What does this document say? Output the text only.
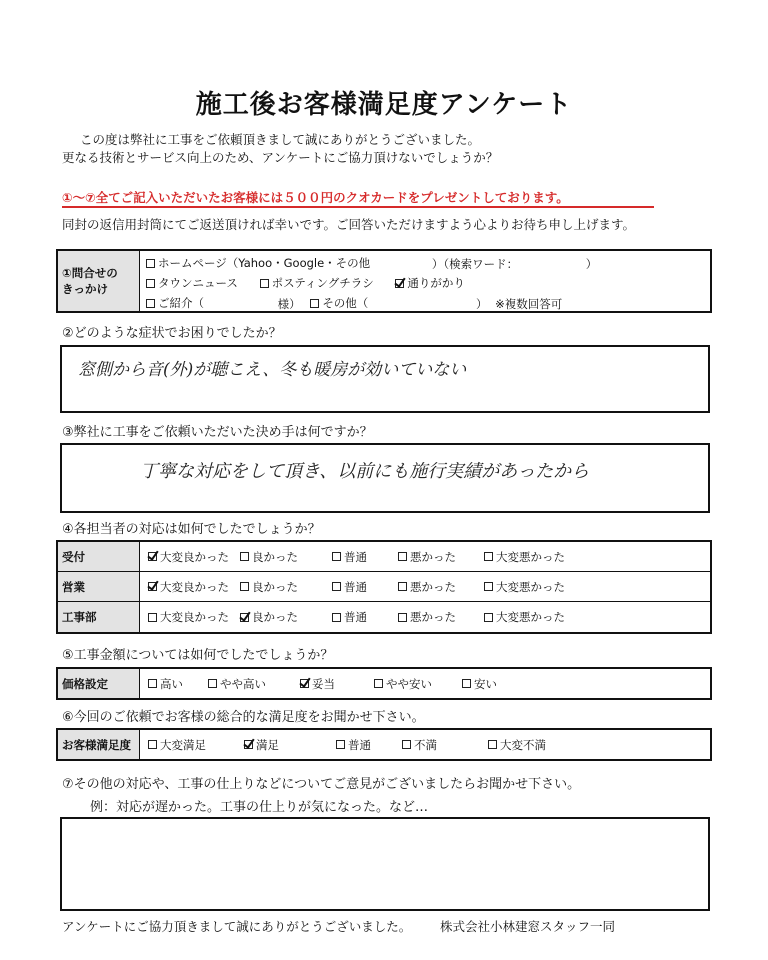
施工後お客様満足度アンケート
この度は弊社に工事をご依頼頂きまして誠にありがとうございました。
更なる技術とサービス向上のため、アンケートにご協力頂けないでしょうか？
①～⑦全てご記入いただいたお客様には５００円のクオカードをプレゼントしております。
同封の返信用封筒にてご返送頂ければ幸いです。ご回答いただけますよう心よりお待ち申し上げます。
①問合せの
きっかけ
ホームページ（Yahoo・Google・その他	）（検索ワード：	）
タウンニュース
	ポスティングチラシ
	通りがかり
ご紹介（	様） その他（	） ※複数回答可
②どのような症状でお困りでしたか？
窓側から音(外)が聴こえ、冬も暖房が効いていない
③弊社に工事をご依頼いただいた決め手は何ですか？
丁寧な対応をして頂き、以前にも施行実績があったから
④各担当者の対応は如何でしたでしょうか？
受付	大変良かった 良かった	普通	悪かった	大変悪かった
営業	大変良かった 良かった	普通	悪かった	大変悪かった
工事部	大変良かった 良かった	普通	悪かった	大変悪かった
⑤工事金額については如何でしたでしょうか？
価格設定	高い	やや高い	妥当	やや安い	安い
⑥今回のご依頼でお客様の総合的な満足度をお聞かせ下さい。
お客様満足度	大変満足	満足	普通	不満	大変不満
⑦その他の対応や、工事の仕上りなどについてご意見がございましたらお聞かせ下さい。
例：対応が遅かった。工事の仕上りが気になった。など…
アンケートにご協力頂きまして誠にありがとうございました。 株式会社小林建窓スタッフ一同
